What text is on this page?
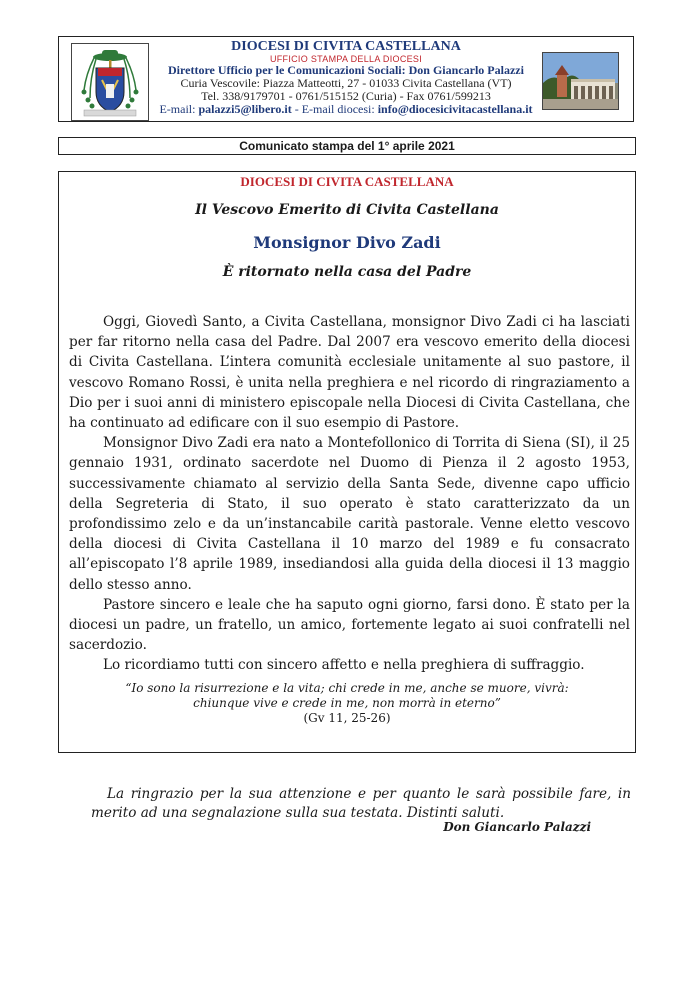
DIOCESI DI CIVITA CASTELLANA
UFFICIO STAMPA DELLA DIOCESI
Direttore Ufficio per le Comunicazioni Sociali: Don Giancarlo Palazzi
Curia Vescovile: Piazza Matteotti, 27 - 01033 Civita Castellana (VT)
Tel. 338/9179701 - 0761/515152 (Curia) - Fax 0761/599213
E-mail: palazzi5@libero.it - E-mail diocesi: info@diocesicivitacastellana.it
Comunicato stampa del 1° aprile 2021
DIOCESI DI CIVITA CASTELLANA
Il Vescovo Emerito di Civita Castellana
Monsignor Divo Zadi
È ritornato nella casa del Padre

Oggi, Giovedì Santo, a Civita Castellana, monsignor Divo Zadi ci ha lasciati per far ritorno nella casa del Padre. Dal 2007 era vescovo emerito della diocesi di Civita Castellana. L’intera comunità ecclesiale unitamente al suo pastore, il vescovo Romano Rossi, è unita nella preghiera e nel ricordo di ringraziamento a Dio per i suoi anni di ministero episcopale nella Diocesi di Civita Castellana, che ha continuato ad edificare con il suo esempio di Pastore.

Monsignor Divo Zadi era nato a Montefollonico di Torrita di Siena (SI), il 25 gennaio 1931, ordinato sacerdote nel Duomo di Pienza il 2 agosto 1953, successivamente chiamato al servizio della Santa Sede, divenne capo ufficio della Segreteria di Stato, il suo operato è stato caratterizzato da un profondissimo zelo e da un’instancabile carità pastorale. Venne eletto vescovo della diocesi di Civita Castellana il 10 marzo del 1989 e fu consacrato all’episcopato l’8 aprile 1989, insediandosi alla guida della diocesi il 13 maggio dello stesso anno.

Pastore sincero e leale che ha saputo ogni giorno, farsi dono. È stato per la diocesi un padre, un fratello, un amico, fortemente legato ai suoi confratelli nel sacerdozio.

Lo ricordiamo tutti con sincero affetto e nella preghiera di suffraggio.

“Io sono la risurrezione e la vita; chi crede in me, anche se muore, vivrà:
chiunque vive e crede in me, non morrà in eterno”
(Gv 11, 25-26)
La ringrazio per la sua attenzione e per quanto le sarà possibile fare, in merito ad una segnalazione sulla sua testata. Distinti saluti.
Don Giancarlo Palazzi
